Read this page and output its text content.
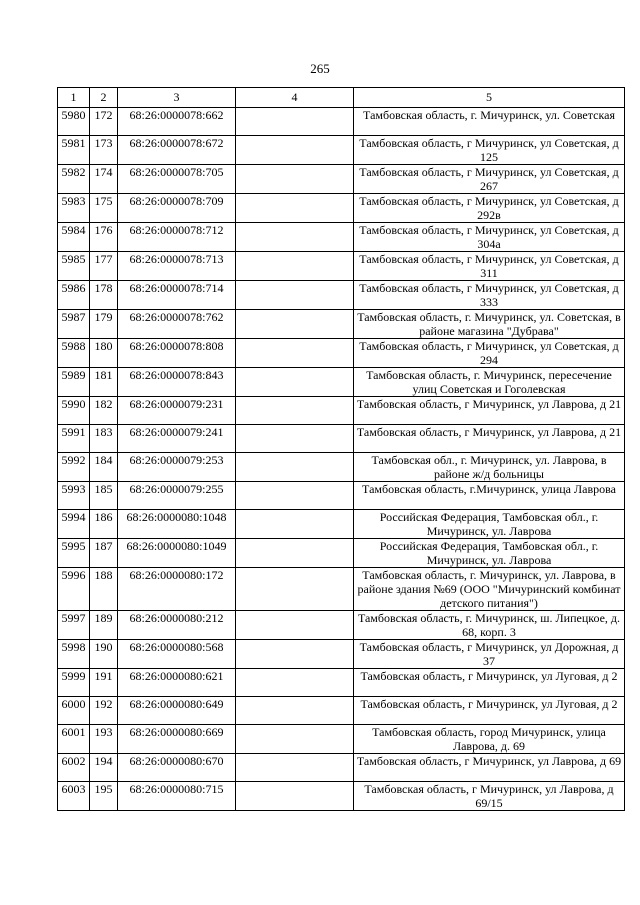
265
1	2	3	4	5
5980	172	68:26:0000078:662		Тамбовская область, г. Мичуринск, ул. Советская
5981	173	68:26:0000078:672		Тамбовская область, г Мичуринск, ул Советская, д 125
5982	174	68:26:0000078:705		Тамбовская область, г Мичуринск, ул Советская, д 267
5983	175	68:26:0000078:709		Тамбовская область, г Мичуринск, ул Советская, д 292в
5984	176	68:26:0000078:712		Тамбовская область, г Мичуринск, ул Советская, д 304а
5985	177	68:26:0000078:713		Тамбовская область, г Мичуринск, ул Советская, д 311
5986	178	68:26:0000078:714		Тамбовская область, г Мичуринск, ул Советская, д 333
5987	179	68:26:0000078:762		Тамбовская область, г. Мичуринск, ул. Советская, в районе магазина "Дубрава"
5988	180	68:26:0000078:808		Тамбовская область, г Мичуринск, ул Советская, д 294
5989	181	68:26:0000078:843		Тамбовская область, г. Мичуринск, пересечение улиц Советская и Гоголевская
5990	182	68:26:0000079:231		Тамбовская область, г Мичуринск, ул Лаврова, д 21
5991	183	68:26:0000079:241		Тамбовская область, г Мичуринск, ул Лаврова, д 21
5992	184	68:26:0000079:253		Тамбовская обл., г. Мичуринск, ул. Лаврова, в районе ж/д больницы
5993	185	68:26:0000079:255		Тамбовская область, г.Мичуринск, улица Лаврова
5994	186	68:26:0000080:1048		Российская Федерация, Тамбовская обл., г. Мичуринск, ул. Лаврова
5995	187	68:26:0000080:1049		Российская Федерация, Тамбовская обл., г. Мичуринск, ул. Лаврова
5996	188	68:26:0000080:172		Тамбовская область, г. Мичуринск, ул. Лаврова, в районе здания №69 (ООО "Мичуринский комбинат детского питания")
5997	189	68:26:0000080:212		Тамбовская область, г. Мичуринск, ш. Липецкое, д. 68, корп. 3
5998	190	68:26:0000080:568		Тамбовская область, г Мичуринск, ул Дорожная, д 37
5999	191	68:26:0000080:621		Тамбовская область, г Мичуринск, ул Луговая, д 2
6000	192	68:26:0000080:649		Тамбовская область, г Мичуринск, ул Луговая, д 2
6001	193	68:26:0000080:669		Тамбовская область, город Мичуринск, улица Лаврова, д. 69
6002	194	68:26:0000080:670		Тамбовская область, г Мичуринск, ул Лаврова, д 69
6003	195	68:26:0000080:715		Тамбовская область, г Мичуринск, ул Лаврова, д 69/15
